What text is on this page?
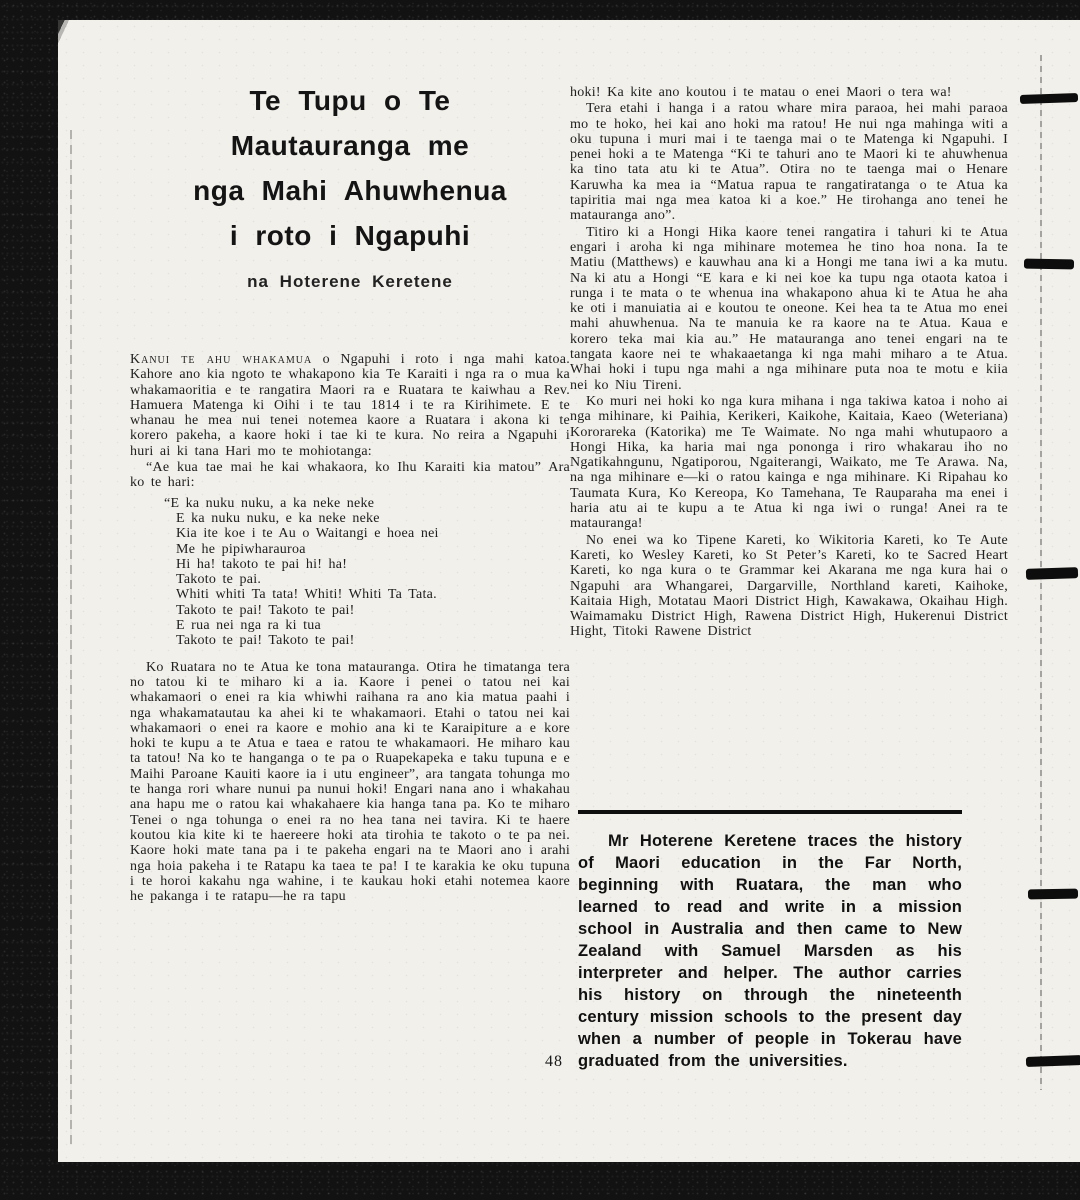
Te Tupu o Te
Mautauranga me
nga Mahi Ahuwhenua
i roto i Ngapuhi
na Hoterene Keretene
Kanui te ahu whakamua o Ngapuhi i roto i nga mahi katoa. Kahore ano kia ngoto te whakapono kia Te Karaiti i nga ra o mua ka whakamaoritia e te rangatira Maori ra e Ruatara te kaiwhau a Rev. Hamuera Matenga ki Oihi i te tau 1814 i te ra Kirihimete. E te whanau he mea nui tenei notemea kaore a Ruatara i akona ki te korero pakeha, a kaore hoki i tae ki te kura. No reira a Ngapuhi i huri ai ki tana Hari mo te mohiotanga:
“Ae kua tae mai he kai whakaora, ko Ihu Karaiti kia matou” Ara ko te hari:
“E ka nuku nuku, a ka neke neke
E ka nuku nuku, e ka neke neke
Kia ite koe i te Au o Waitangi e hoea nei
Me he pipiwharauroa
Hi ha! takoto te pai hi! ha!
Takoto te pai.
Whiti whiti Ta tata! Whiti! Whiti Ta Tata.
Takoto te pai! Takoto te pai!
E rua nei nga ra ki tua
Takoto te pai! Takoto te pai!
Ko Ruatara no te Atua ke tona matauranga. Otira he timatanga tera no tatou ki te miharo ki a ia. Kaore i penei o tatou nei kai whakamaori o enei ra kia whiwhi raihana ra ano kia matua paahi i nga whakamatautau ka ahei ki te whakamaori. Etahi o tatou nei kai whakamaori o enei ra kaore e mohio ana ki te Karaipiture a e kore hoki te kupu a te Atua e taea e ratou te whakamaori. He miharo kau ta tatou! Na ko te hanganga o te pa o Ruapekapeka e taku tupuna e e Maihi Paroane Kauiti kaore ia i utu engineer”, ara tangata tohunga mo te hanga rori whare nunui pa nunui hoki! Engari nana ano i whakahau ana hapu me o ratou kai whakahaere kia hanga tana pa. Ko te miharo Tenei o nga tohunga o enei ra no hea tana nei tavira. Ki te haere koutou kia kite ki te haereere hoki ata tirohia te takoto o te pa nei. Kaore hoki mate tana pa i te pakeha engari na te Maori ano i arahi nga hoia pakeha i te Ratapu ka taea te pa! I te karakia ke oku tupuna i te horoi kakahu nga wahine, i te kaukau hoki etahi notemea kaore he pakanga i te ratapu—he ra tapu
hoki! Ka kite ano koutou i te matau o enei Maori o tera wa!
Tera etahi i hanga i a ratou whare mira paraoa, hei mahi paraoa mo te hoko, hei kai ano hoki ma ratou! He nui nga mahinga witi a oku tupuna i muri mai i te taenga mai o te Matenga ki Ngapuhi. I penei hoki a te Matenga “Ki te tahuri ano te Maori ki te ahuwhenua ka tino tata atu ki te Atua”. Otira no te taenga mai o Henare Karuwha ka mea ia “Matua rapua te rangatiratanga o te Atua ka tapiritia mai nga mea katoa ki a koe.” He tirohanga ano tenei he matauranga ano”.
Titiro ki a Hongi Hika kaore tenei rangatira i tahuri ki te Atua engari i aroha ki nga mihinare motemea he tino hoa nona. Ia te Matiu (Matthews) e kauwhau ana ki a Hongi me tana iwi a ka mutu. Na ki atu a Hongi “E kara e ki nei koe ka tupu nga otaota katoa i runga i te mata o te whenua ina whakapono ahua ki te Atua he aha ke oti i manuiatia ai e koutou te oneone. Kei hea ta te Atua mo enei mahi ahuwhenua. Na te manuia ke ra kaore na te Atua. Kaua e korero teka mai kia au.” He matauranga ano tenei engari na te tangata kaore nei te whakaaetanga ki nga mahi miharo a te Atua. Whai hoki i tupu nga mahi a nga mihinare puta noa te motu e kiia nei ko Niu Tireni.
Ko muri nei hoki ko nga kura mihana i nga takiwa katoa i noho ai nga mihinare, ki Paihia, Kerikeri, Kaikohe, Kaitaia, Kaeo (Weteriana) Kororareka (Katorika) me Te Waimate. No nga mahi whutupaoro a Hongi Hika, ka haria mai nga pononga i riro whakarau iho no Ngatikahngunu, Ngatiporou, Ngaiterangi, Waikato, me Te Arawa. Na, na nga mihinare e—ki o ratou kainga e nga mihinare. Ki Ripahau ko Taumata Kura, Ko Kereopa, Ko Tamehana, Te Rauparaha ma enei i haria atu ai te kupu a te Atua ki nga iwi o runga! Anei ra te matauranga!
No enei wa ko Tipene Kareti, ko Wikitoria Kareti, ko Te Aute Kareti, ko Wesley Kareti, ko St Peter’s Kareti, ko te Sacred Heart Kareti, ko nga kura o te Grammar kei Akarana me nga kura hai o Ngapuhi ara Whangarei, Dargarville, Northland kareti, Kaihoke, Kaitaia High, Motatau Maori District High, Kawakawa, Okaihau High. Waimamaku District High, Rawena District High, Hukerenui District Hight, Titoki Rawene District
Mr Hoterene Keretene traces the history of Maori education in the Far North, beginning with Ruatara, the man who learned to read and write in a mission school in Australia and then came to New Zealand with Samuel Marsden as his interpreter and helper. The author carries his history on through the nineteenth century mission schools to the present day when a number of people in Tokerau have graduated from the universities.
48
